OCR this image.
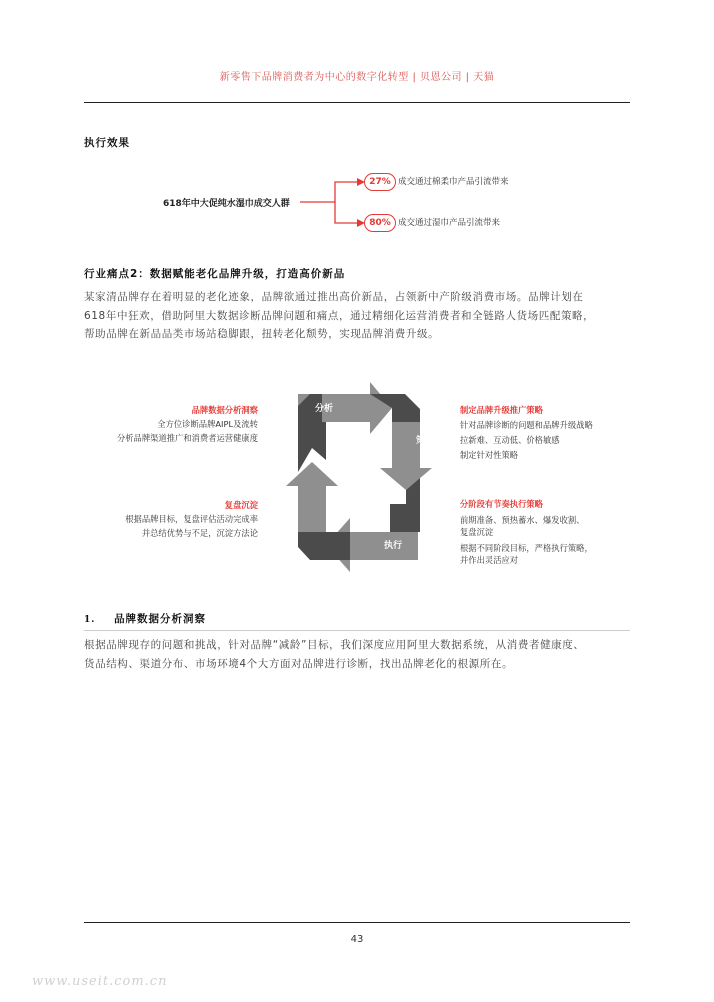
新零售下品牌消费者为中心的数字化转型 | 贝恩公司 | 天猫
执行效果
618年中大促纯水湿巾成交人群
27% 成交通过棉柔巾产品引流带来
80% 成交通过湿巾产品引流带来
行业痛点2：数据赋能老化品牌升级，打造高价新品
某家清品牌存在着明显的老化迹象，品牌欲通过推出高价新品，占领新中产阶级消费市场。品牌计划在
618年中狂欢，借助阿里大数据诊断品牌问题和痛点，通过精细化运营消费者和全链路人货场匹配策略，
帮助品牌在新品品类市场站稳脚跟，扭转老化颓势，实现品牌消费升级。
分析
策略
执行
复盘
品牌数据分析洞察
全方位诊断品牌AIPL及流转
分析品牌渠道推广和消费者运营健康度
复盘沉淀
根据品牌目标，复盘评估活动完成率
并总结优势与不足，沉淀方法论
制定品牌升级推广策略
针对品牌诊断的问题和品牌升级战略
拉新难、互动低、价格敏感
制定针对性策略
分阶段有节奏执行策略
前期准备、预热蓄水、爆发收割、
复盘沉淀
根据不同阶段目标，严格执行策略，
并作出灵活应对
1. 品牌数据分析洞察
根据品牌现存的问题和挑战，针对品牌“减龄”目标，我们深度应用阿里大数据系统，从消费者健康度、
货品结构、渠道分布、市场环境4个大方面对品牌进行诊断，找出品牌老化的根源所在。
43
www.useit.com.cn
